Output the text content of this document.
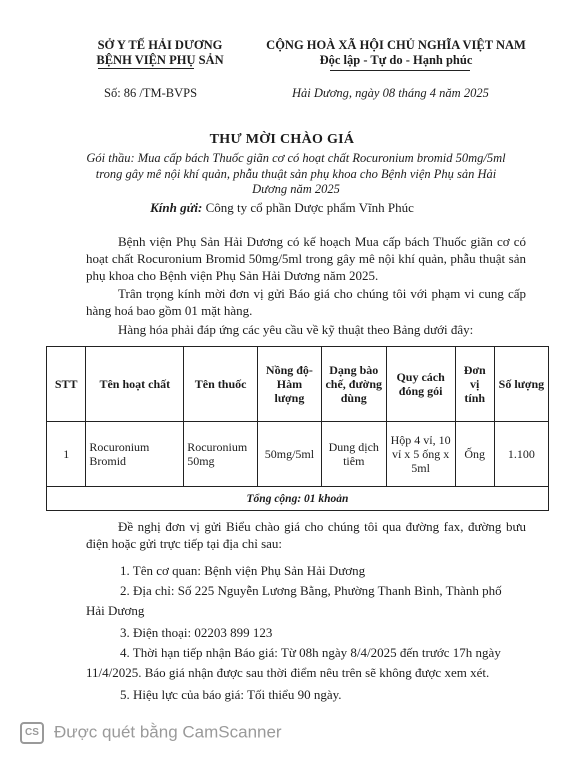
SỞ Y TẾ HẢI DƯƠNG
BỆNH VIỆN PHỤ SẢN
CỘNG HOÀ XÃ HỘI CHỦ NGHĨA VIỆT NAM
Độc lập - Tự do - Hạnh phúc
Số: 86 /TM-BVPS	Hải Dương, ngày 08 tháng 4 năm 2025
THƯ MỜI CHÀO GIÁ
Gói thầu: Mua cấp bách Thuốc giãn cơ có hoạt chất Rocuronium bromid 50mg/5ml trong gây mê nội khí quản, phẫu thuật sản phụ khoa cho Bệnh viện Phụ sản Hải Dương năm 2025
Kính gửi: Công ty cổ phần Dược phẩm Vĩnh Phúc
Bệnh viện Phụ Sản Hải Dương có kế hoạch Mua cấp bách Thuốc giãn cơ có hoạt chất Rocuronium Bromid 50mg/5ml trong gây mê nội khí quản, phẫu thuật sản phụ khoa cho Bệnh viện Phụ Sản Hải Dương năm 2025.
Trân trọng kính mời đơn vị gửi Báo giá cho chúng tôi với phạm vi cung cấp hàng hoá bao gồm 01 mặt hàng.
Hàng hóa phải đáp ứng các yêu cầu về kỹ thuật theo Bảng dưới đây:
STT	Tên hoạt chất	Tên thuốc	Nồng độ-Hàm lượng	Dạng bào chế, đường dùng	Quy cách đóng gói	Đơn vị tính	Số lượng
1	Rocuronium Bromid	Rocuronium 50mg	50mg/5ml	Dung dịch tiêm	Hộp 4 vỉ, 10 vỉ x 5 ống x 5ml	Ống	1.100
Tổng cộng: 01 khoản							
Đề nghị đơn vị gửi Biểu chào giá cho chúng tôi qua đường fax, đường bưu điện hoặc gửi trực tiếp tại địa chỉ sau:
1. Tên cơ quan: Bệnh viện Phụ Sản Hải Dương
2. Địa chỉ: Số 225 Nguyễn Lương Bằng, Phường Thanh Bình, Thành phố
Hải Dương
3. Điện thoại: 02203 899 123
4. Thời hạn tiếp nhận Báo giá: Từ 08h ngày 8/4/2025 đến trước 17h ngày
11/4/2025. Báo giá nhận được sau thời điểm nêu trên sẽ không được xem xét.
5. Hiệu lực của báo giá: Tối thiểu 90 ngày.
CS Được quét bằng CamScanner
